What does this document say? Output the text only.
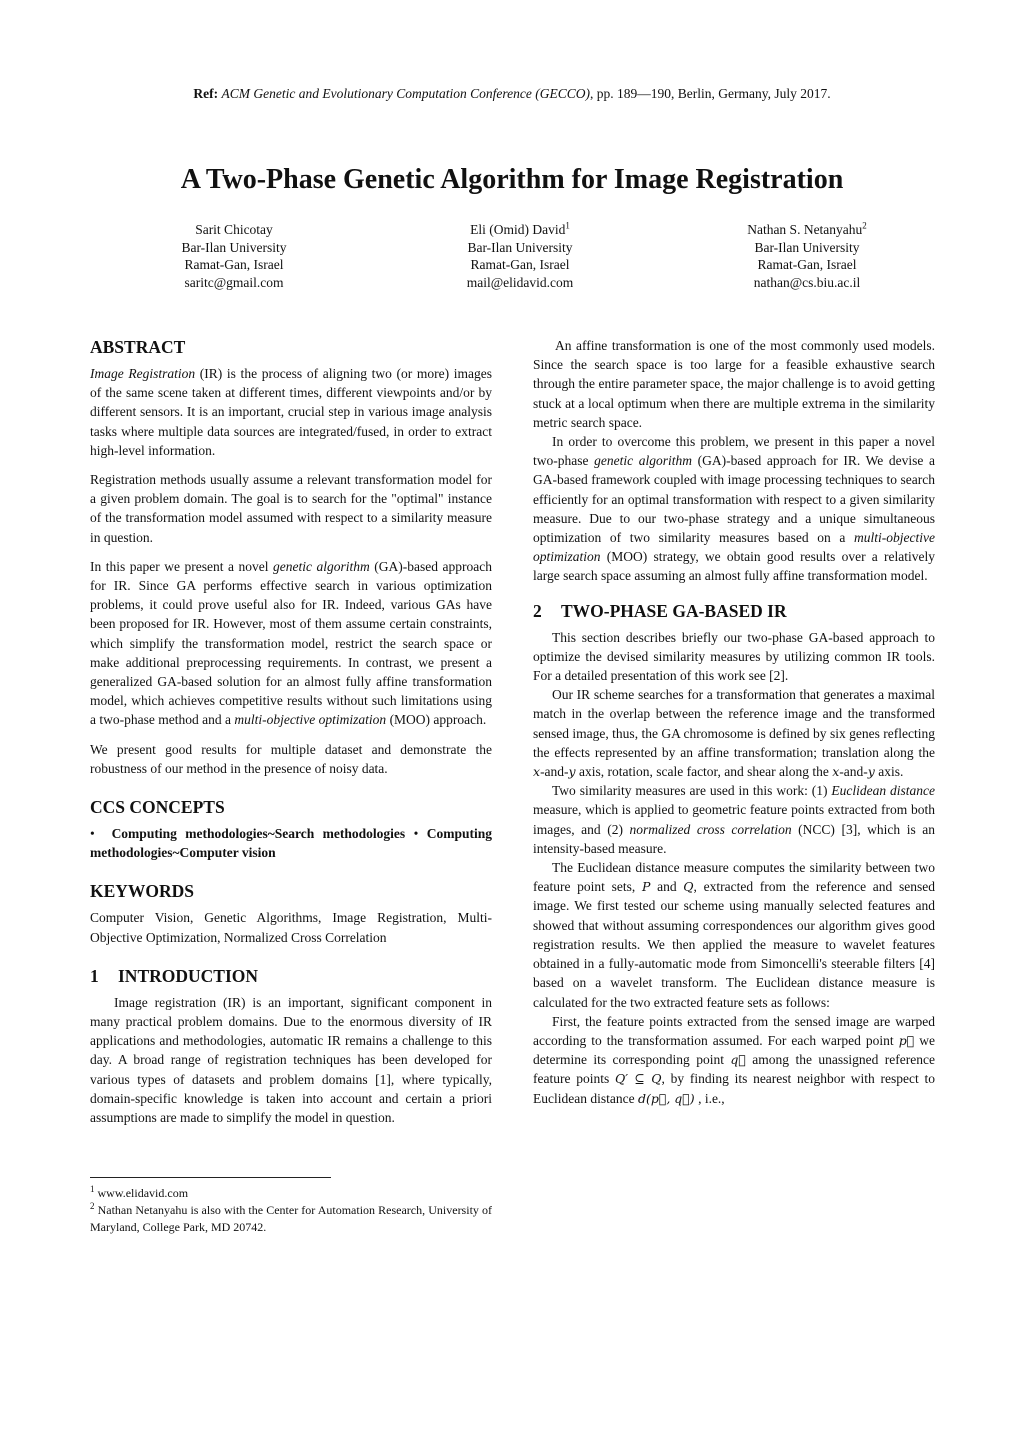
Ref: ACM Genetic and Evolutionary Computation Conference (GECCO), pp. 189—190, Berlin, Germany, July 2017.
A Two-Phase Genetic Algorithm for Image Registration
Sarit Chicotay
Bar-Ilan University
Ramat-Gan, Israel
saritc@gmail.com
Eli (Omid) David$^1$
Bar-Ilan University
Ramat-Gan, Israel
mail@elidavid.com
Nathan S. Netanyahu$^2$
Bar-Ilan University
Ramat-Gan, Israel
nathan@cs.biu.ac.il
ABSTRACT

Image Registration (IR) is the process of aligning two (or more) images of the same scene taken at different times, different viewpoints and/or by different sensors. It is an important, crucial step in various image analysis tasks where multiple data sources are integrated/fused, in order to extract high-level information.

Registration methods usually assume a relevant transformation model for a given problem domain. The goal is to search for the "optimal" instance of the transformation model assumed with respect to a similarity measure in question.

In this paper we present a novel genetic algorithm (GA)-based approach for IR. Since GA performs effective search in various optimization problems, it could prove useful also for IR. Indeed, various GAs have been proposed for IR. However, most of them assume certain constraints, which simplify the transformation model, restrict the search space or make additional preprocessing requirements. In contrast, we present a generalized GA-based solution for an almost fully affine transformation model, which achieves competitive results without such limitations using a two-phase method and a multi-objective optimization (MOO) approach.

We present good results for multiple dataset and demonstrate the robustness of our method in the presence of noisy data.

CCS CONCEPTS

• Computing methodologies~Search methodologies • Computing methodologies~Computer vision

KEYWORDS

Computer Vision, Genetic Algorithms, Image Registration, Multi-Objective Optimization, Normalized Cross Correlation

1 INTRODUCTION

Image registration (IR) is an important, significant component in many practical problem domains. Due to the enormous diversity of IR applications and methodologies, automatic IR remains a challenge to this day. A broad range of registration techniques has been developed for various types of datasets and problem domains [1], where typically, domain-specific knowledge is taken into account and certain a priori assumptions are made to simplify the model in question.

An affine transformation is one of the most commonly used models. Since the search space is too large for a feasible exhaustive search through the entire parameter space, the major challenge is to avoid getting stuck at a local optimum when there are multiple extrema in the similarity metric search space.

In order to overcome this problem, we present in this paper a novel two-phase genetic algorithm (GA)-based approach for IR. We devise a GA-based framework coupled with image processing techniques to search efficiently for an optimal transformation with respect to a given similarity measure. Due to our two-phase strategy and a unique simultaneous optimization of two similarity measures based on a multi-objective optimization (MOO) strategy, we obtain good results over a relatively large search space assuming an almost fully affine transformation model.

2 TWO-PHASE GA-BASED IR

This section describes briefly our two-phase GA-based approach to optimize the devised similarity measures by utilizing common IR tools. For a detailed presentation of this work see [2].

Our IR scheme searches for a transformation that generates a maximal match in the overlap between the reference image and the transformed sensed image, thus, the GA chromosome is defined by six genes reflecting the effects represented by an affine transformation; translation along the x-and-y axis, rotation, scale factor, and shear along the x-and-y axis.

Two similarity measures are used in this work: (1) Euclidean distance measure, which is applied to geometric feature points extracted from both images, and (2) normalized cross correlation (NCC) [3], which is an intensity-based measure.

The Euclidean distance measure computes the similarity between two feature point sets, P and Q, extracted from the reference and sensed image. We first tested our scheme using manually selected features and showed that without assuming correspondences our algorithm gives good registration results. We then applied the measure to wavelet features obtained in a fully-automatic mode from Simoncelli's steerable filters [4] based on a wavelet transform. The Euclidean distance measure is calculated for the two extracted feature sets as follows:

First, the feature points extracted from the sensed image are warped according to the transformation assumed. For each warped point p⃗ we determine its corresponding point q⃗ among the unassigned reference feature points Q′ ⊆ Q, by finding its nearest neighbor with respect to Euclidean distance d(p⃗, q⃗) , i.e.,

$^1$ www.elidavid.com
$^2$ Nathan Netanyahu is also with the Center for Automation Research, University of Maryland, College Park, MD 20742.
